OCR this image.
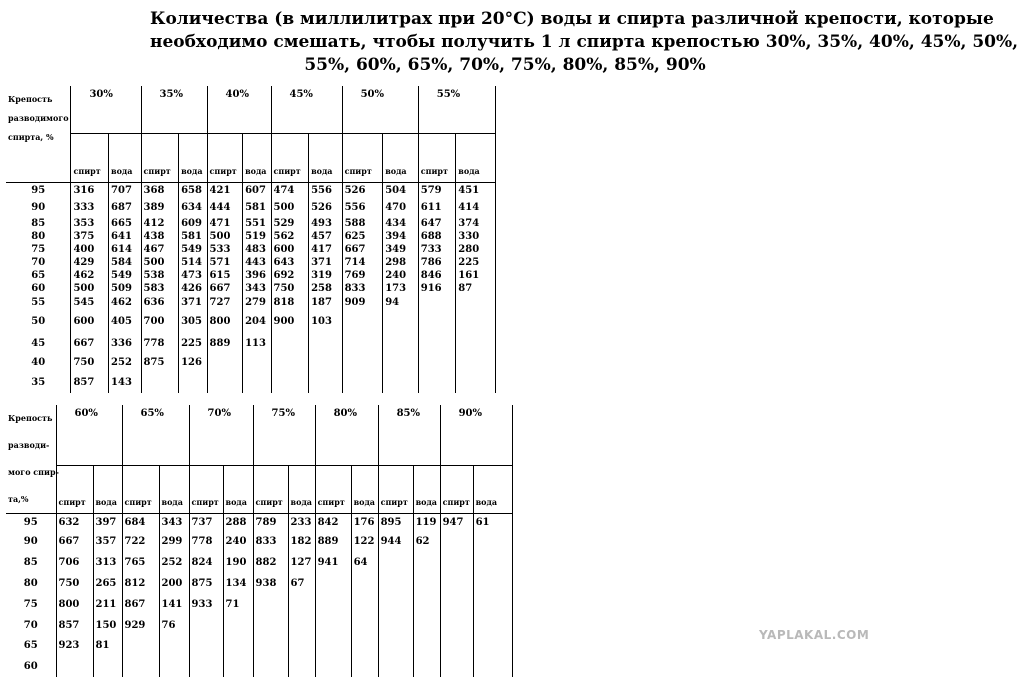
Количества (в миллилитрах при 20°С) воды и спирта различной крепости, которые
необходимо смешать, чтобы получить 1 л спирта крепостью 30%, 35%, 40%, 45%, 50%,
55%, 60%, 65%, 70%, 75%, 80%, 85%, 90%
Крепость
разводимого
спирта, %	30%		35%		40%		45%		50%		55%	
	спирт	вода	спирт	вода	спирт	вода	спирт	вода	спирт	вода	спирт	вода
95	316	707	368	658	421	607	474	556	526	504	579	451
90	333	687	389	634	444	581	500	526	556	470	611	414
85	353	665	412	609	471	551	529	493	588	434	647	374
80	375	641	438	581	500	519	562	457	625	394	688	330
75	400	614	467	549	533	483	600	417	667	349	733	280
70	429	584	500	514	571	443	643	371	714	298	786	225
65	462	549	538	473	615	396	692	319	769	240	846	161
60	500	509	583	426	667	343	750	258	833	173	916	87
55	545	462	636	371	727	279	818	187	909	94		
50	600	405	700	305	800	204	900	103				
45	667	336	778	225	889	113						
40	750	252	875	126								
35	857	143										
Крепость
разводи-
мого спир-
та,%	60%		65%		70%		75%		80%		85%		90%	
	спирт	вода	спирт	вода	спирт	вода	спирт	вода	спирт	вода	спирт	вода	спирт	вода
95	632	397	684	343	737	288	789	233	842	176	895	119	947	61
90	667	357	722	299	778	240	833	182	889	122	944	62		
85	706	313	765	252	824	190	882	127	941	64				
80	750	265	812	200	875	134	938	67						
75	800	211	867	141	933	71								
70	857	150	929	76										
65	923	81												
60														
YAPLAKAL.COM
